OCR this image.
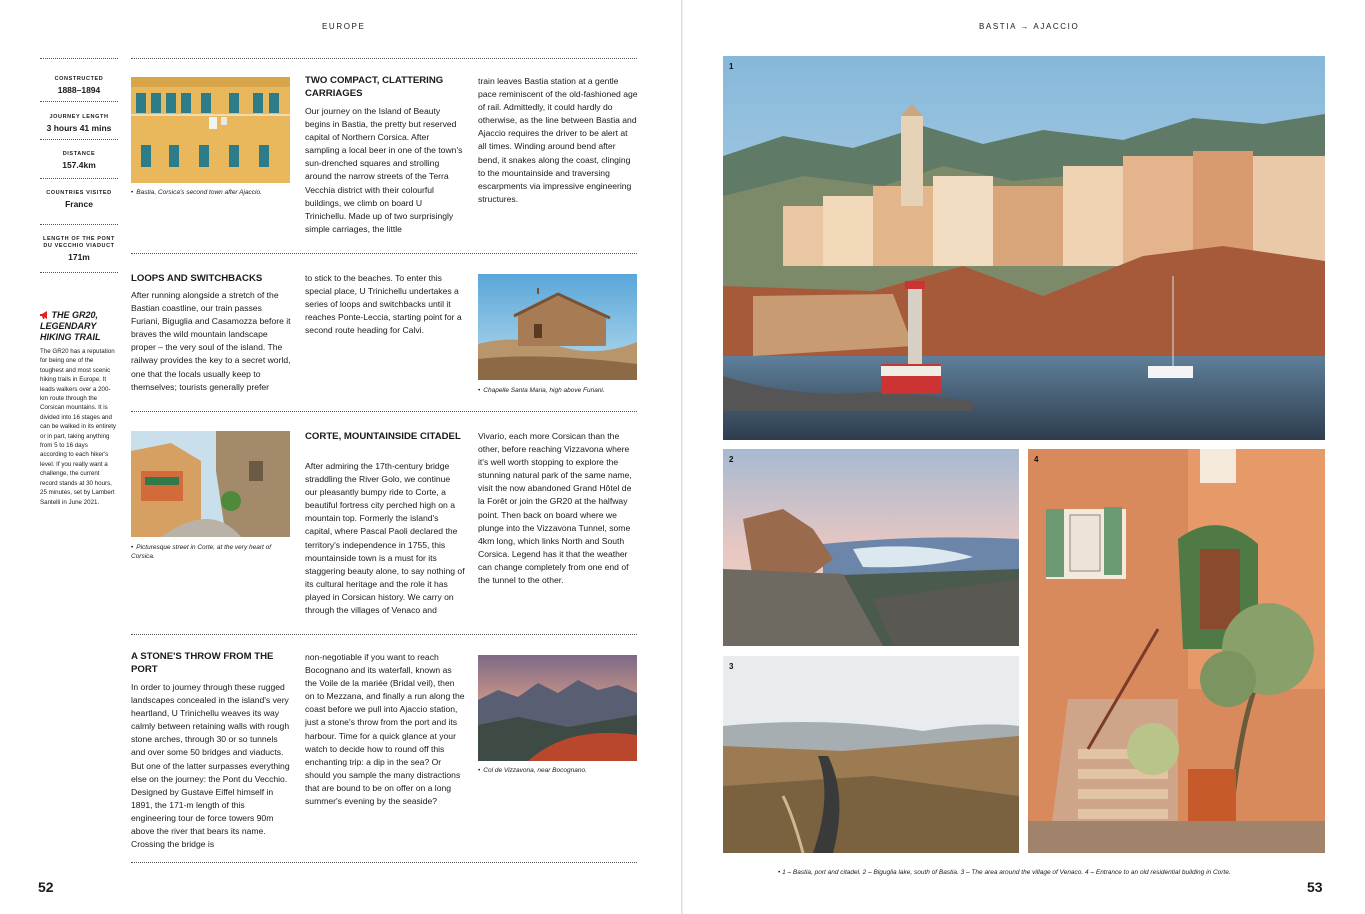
EUROPE
CONSTRUCTED
1888–1894
JOURNEY LENGTH
3 hours 41 mins
DISTANCE
157.4km
COUNTRIES VISITED
France
LENGTH OF THE PONT DU VECCHIO VIADUCT
171m
THE GR20, LEGENDARY HIKING TRAIL
The GR20 has a reputation for being one of the toughest and most scenic hiking trails in Europe. It leads walkers over a 200-km route through the Corsican mountains. It is divided into 16 stages and can be walked in its entirety or in part, taking anything from 5 to 16 days according to each hiker's level. If you really want a challenge, the current record stands at 30 hours, 25 minutes, set by Lambert Santelli in June 2021.
• Bastia, Corsica's second town after Ajaccio.
TWO COMPACT, CLATTERING CARRIAGES
Our journey on the Island of Beauty begins in Bastia, the pretty but reserved capital of Northern Corsica. After sampling a local beer in one of the town's sun-drenched squares and strolling around the narrow streets of the Terra Vecchia district with their colourful buildings, we climb on board U Trinichellu. Made up of two surprisingly simple carriages, the little
train leaves Bastia station at a gentle pace reminiscent of the old-fashioned age of rail. Admittedly, it could hardly do otherwise, as the line between Bastia and Ajaccio requires the driver to be alert at all times. Winding around bend after bend, it snakes along the coast, clinging to the mountainside and traversing escarpments via impressive engineering structures.
LOOPS AND SWITCHBACKS
After running alongside a stretch of the Bastian coastline, our train passes Furiani, Biguglia and Casamozza before it braves the wild mountain landscape proper – the very soul of the island. The railway provides the key to a secret world, one that the locals usually keep to themselves; tourists generally prefer
to stick to the beaches. To enter this special place, U Trinichellu undertakes a series of loops and switchbacks until it reaches Ponte-Leccia, starting point for a second route heading for Calvi.
• Chapelle Santa Maria, high above Furiani.
• Picturesque street in Corte, at the very heart of Corsica.
CORTE, MOUNTAINSIDE CITADEL
After admiring the 17th-century bridge straddling the River Golo, we continue our pleasantly bumpy ride to Corte, a beautiful fortress city perched high on a mountain top. Formerly the island's capital, where Pascal Paoli declared the territory's independence in 1755, this mountainside town is a must for its staggering beauty alone, to say nothing of its cultural heritage and the role it has played in Corsican history. We carry on through the villages of Venaco and
Vivario, each more Corsican than the other, before reaching Vizzavona where it's well worth stopping to explore the stunning natural park of the same name, visit the now abandoned Grand Hôtel de la Forêt or join the GR20 at the halfway point. Then back on board where we plunge into the Vizzavona Tunnel, some 4km long, which links North and South Corsica. Legend has it that the weather can change completely from one end of the tunnel to the other.
A STONE'S THROW FROM THE PORT
In order to journey through these rugged landscapes concealed in the island's very heartland, U Trinichellu weaves its way calmly between retaining walls with rough stone arches, through 30 or so tunnels and over some 50 bridges and viaducts. But one of the latter surpasses everything else on the journey: the Pont du Vecchio. Designed by Gustave Eiffel himself in 1891, the 171-m length of this engineering tour de force towers 90m above the river that bears its name. Crossing the bridge is
non-negotiable if you want to reach Bocognano and its waterfall, known as the Voile de la mariée (Bridal veil), then on to Mezzana, and finally a run along the coast before we pull into Ajaccio station, just a stone's throw from the port and its harbour. Time for a quick glance at your watch to decide how to round off this enchanting trip: a dip in the sea? Or should you sample the many distractions that are bound to be on offer on a long summer's evening by the seaside?
• Col de Vizzavona, near Bocognano.
52
BASTIA → AJACCIO
1
2
3
4
• 1 – Bastia, port and citadel. 2 – Biguglia lake, south of Bastia. 3 – The area around the village of Venaco. 4 – Entrance to an old residential building in Corte.
53
